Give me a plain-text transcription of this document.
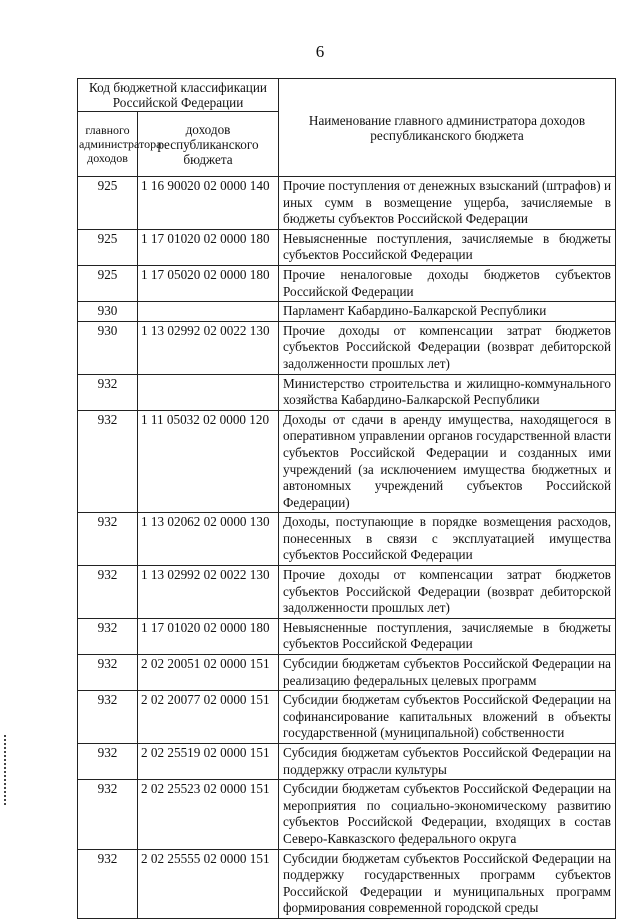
6
Код бюджетной классификации Российской Федерации		Наименование главного администратора доходов республиканского бюджета
главного администратора доходов	доходов республиканского бюджета	
925	1 16 90020 02 0000 140	Прочие поступления от денежных взысканий (штрафов) и иных сумм в возмещение ущерба, зачисляемые в бюджеты субъектов Российской Федерации
925	1 17 01020 02 0000 180	Невыясненные поступления, зачисляемые в бюджеты субъектов Российской Федерации
925	1 17 05020 02 0000 180	Прочие неналоговые доходы бюджетов субъектов Российской Федерации
930		Парламент Кабардино-Балкарской Республики
930	1 13 02992 02 0022 130	Прочие доходы от компенсации затрат бюджетов субъектов Российской Федерации (возврат дебиторской задолженности прошлых лет)
932		Министерство строительства и жилищно-коммунального хозяйства Кабардино-Балкарской Республики
932	1 11 05032 02 0000 120	Доходы от сдачи в аренду имущества, находящегося в оперативном управлении органов государственной власти субъектов Российской Федерации и созданных ими учреждений (за исключением имущества бюджетных и автономных учреждений субъектов Российской Федерации)
932	1 13 02062 02 0000 130	Доходы, поступающие в порядке возмещения расходов, понесенных в связи с эксплуатацией имущества субъектов Российской Федерации
932	1 13 02992 02 0022 130	Прочие доходы от компенсации затрат бюджетов субъектов Российской Федерации (возврат дебиторской задолженности прошлых лет)
932	1 17 01020 02 0000 180	Невыясненные поступления, зачисляемые в бюджеты субъектов Российской Федерации
932	2 02 20051 02 0000 151	Субсидии бюджетам субъектов Российской Федерации на реализацию федеральных целевых программ
932	2 02 20077 02 0000 151	Субсидии бюджетам субъектов Российской Федерации на софинансирование капитальных вложений в объекты государственной (муниципальной) собственности
932	2 02 25519 02 0000 151	Субсидия бюджетам субъектов Российской Федерации на поддержку отрасли культуры
932	2 02 25523 02 0000 151	Субсидии бюджетам субъектов Российской Федерации на мероприятия по социально-экономическому развитию субъектов Российской Федерации, входящих в состав Северо-Кавказского федерального округа
932	2 02 25555 02 0000 151	Субсидии бюджетам субъектов Российской Федерации на поддержку государственных программ субъектов Российской Федерации и муниципальных программ формирования современной городской среды
